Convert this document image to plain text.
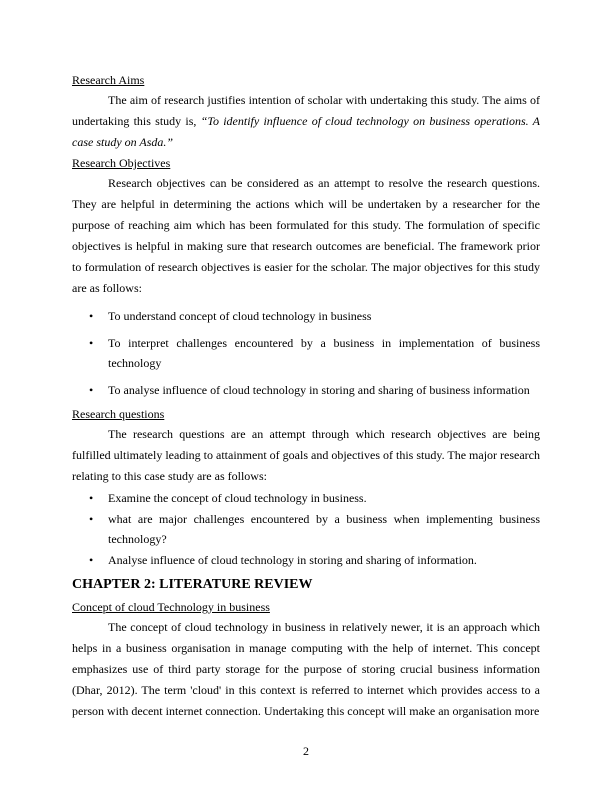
Research Aims

The aim of research justifies intention of scholar with undertaking this study. The aims of undertaking this study is, “To identify influence of cloud technology on business operations. A case study on Asda.”

Research Objectives

Research objectives can be considered as an attempt to resolve the research questions. They are helpful in determining the actions which will be undertaken by a researcher for the purpose of reaching aim which has been formulated for this study. The formulation of specific objectives is helpful in making sure that research outcomes are beneficial. The framework prior to formulation of research objectives is easier for the scholar. The major objectives for this study are as follows:

• To understand concept of cloud technology in business
• To interpret challenges encountered by a business in implementation of business technology
• To analyse influence of cloud technology in storing and sharing of business information
Research questions

The research questions are an attempt through which research objectives are being fulfilled ultimately leading to attainment of goals and objectives of this study. The major research relating to this case study are as follows:

• Examine the concept of cloud technology in business.
• what are major challenges encountered by a business when implementing business technology?
• Analyse influence of cloud technology in storing and sharing of information.
CHAPTER 2: LITERATURE REVIEW
Concept of cloud Technology in business

The concept of cloud technology in business in relatively newer, it is an approach which helps in a business organisation in manage computing with the help of internet. This concept emphasizes use of third party storage for the purpose of storing crucial business information (Dhar, 2012). The term 'cloud' in this context is referred to internet which provides access to a person with decent internet connection. Undertaking this concept will make an organisation more

2
